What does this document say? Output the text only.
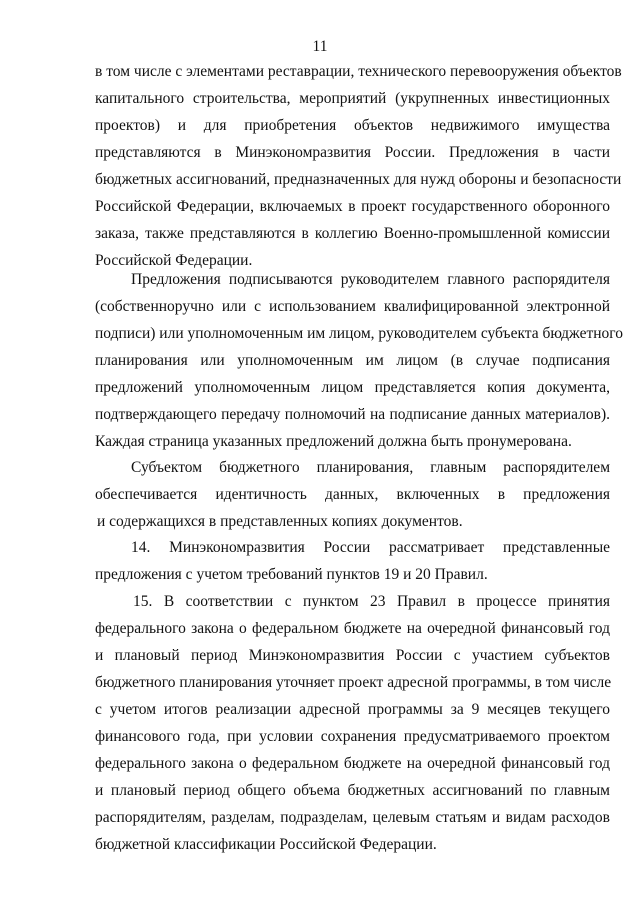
11
в том числе с элементами реставрации, технического перевооружения объектов
капитального строительства, мероприятий (укрупненных инвестиционных
проектов) и для приобретения объектов недвижимого имущества
представляются в Минэкономразвития России. Предложения в части
бюджетных ассигнований, предназначенных для нужд обороны и безопасности
Российской Федерации, включаемых в проект государственного оборонного
заказа, также представляются в коллегию Военно-промышленной комиссии
Российской Федерации.
Предложения подписываются руководителем главного распорядителя
(собственноручно или с использованием квалифицированной электронной
подписи) или уполномоченным им лицом, руководителем субъекта бюджетного
планирования или уполномоченным им лицом (в случае подписания
предложений уполномоченным лицом представляется копия документа,
подтверждающего передачу полномочий на подписание данных материалов).
Каждая страница указанных предложений должна быть пронумерована.
Субъектом бюджетного планирования, главным распорядителем
обеспечивается идентичность данных, включенных в предложения
и содержащихся в представленных копиях документов.
14. Минэкономразвития России рассматривает представленные
предложения с учетом требований пунктов 19 и 20 Правил.
15. В соответствии с пунктом 23 Правил в процессе принятия
федерального закона о федеральном бюджете на очередной финансовый год
и плановый период Минэкономразвития России с участием субъектов
бюджетного планирования уточняет проект адресной программы, в том числе
с учетом итогов реализации адресной программы за 9 месяцев текущего
финансового года, при условии сохранения предусматриваемого проектом
федерального закона о федеральном бюджете на очередной финансовый год
и плановый период общего объема бюджетных ассигнований по главным
распорядителям, разделам, подразделам, целевым статьям и видам расходов
бюджетной классификации Российской Федерации.
